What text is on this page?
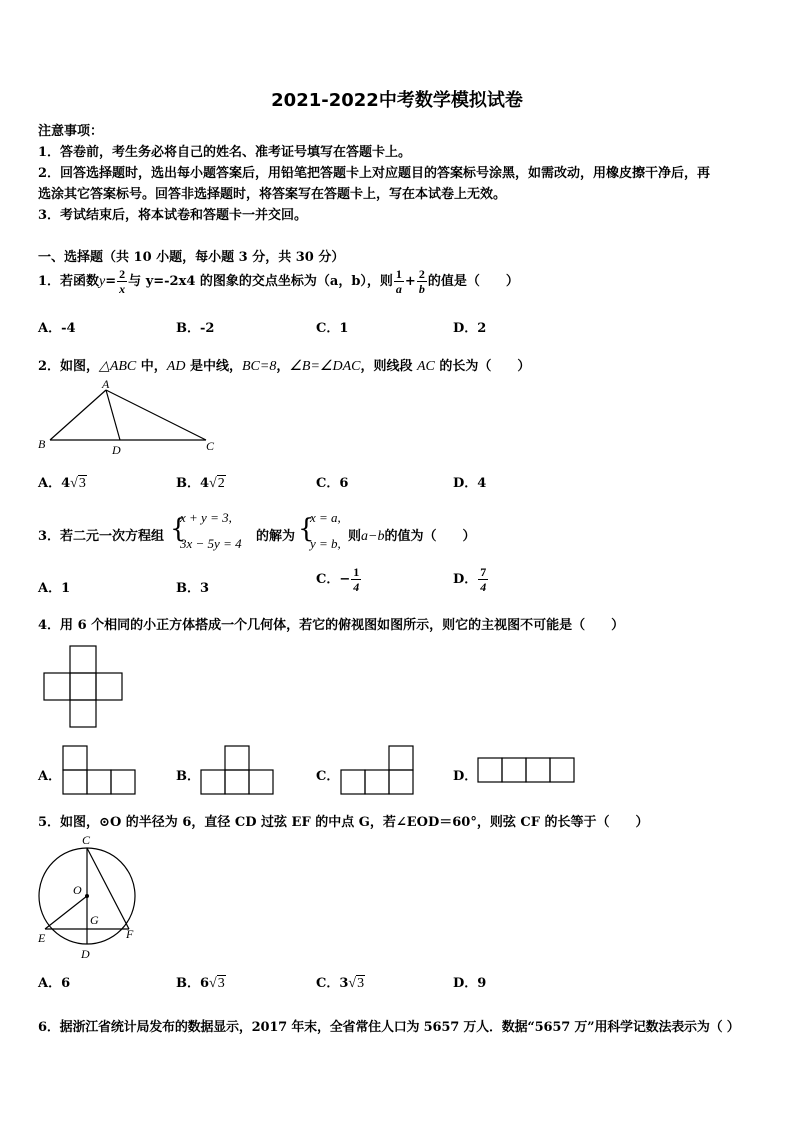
2021-2022中考数学模拟试卷
注意事项：
1．答卷前，考生务必将自己的姓名、准考证号填写在答题卡上。
2．回答选择题时，选出每小题答案后，用铅笔把答题卡上对应题目的答案标号涂黑，如需改动，用橡皮擦干净后，再
选涂其它答案标号。回答非选择题时，将答案写在答题卡上，写在本试卷上无效。
3．考试结束后，将本试卷和答题卡一并交回。
一、选择题（共 10 小题，每小题 3 分，共 30 分）
1．若函数$y= \frac{2}{x}$ 与 y=-2x4 的图象的交点坐标为（a，b），则 $\frac{1}{a} + \frac{2}{b}$ 的值是（　　）
A．-4	B．-2	C．1	D．2
2．如图，△ABC 中，AD 是中线，BC=8，∠B=∠DAC，则线段 AC 的长为（　　）
A
B	C
D
A．4√3	B．4√2	C．6	D．4
3．若二元一次方程组 {
x + y = 3,
3x − 5y = 4 的解为 {
x = a,
y = b, 则a−b的值为（　　）
A．1	B．3
C．− $\frac{1}{4}$	D． $\frac{7}{4}$
4．用 6 个相同的小正方体搭成一个几何体，若它的俯视图如图所示，则它的主视图不可能是（　　）
A．	B．	C．	D．
5．如图，⊙O 的半径为 6，直径 CD 过弦 EF 的中点 G，若∠EOD＝60°，则弦 CF 的长等于（　　）
C
O
G
E	F
D
A．6	B．6√3	C．3√3	D．9
6．据浙江省统计局发布的数据显示，2017 年末，全省常住人口为 5657 万人．数据“5657 万”用科学记数法表示为（ ）
